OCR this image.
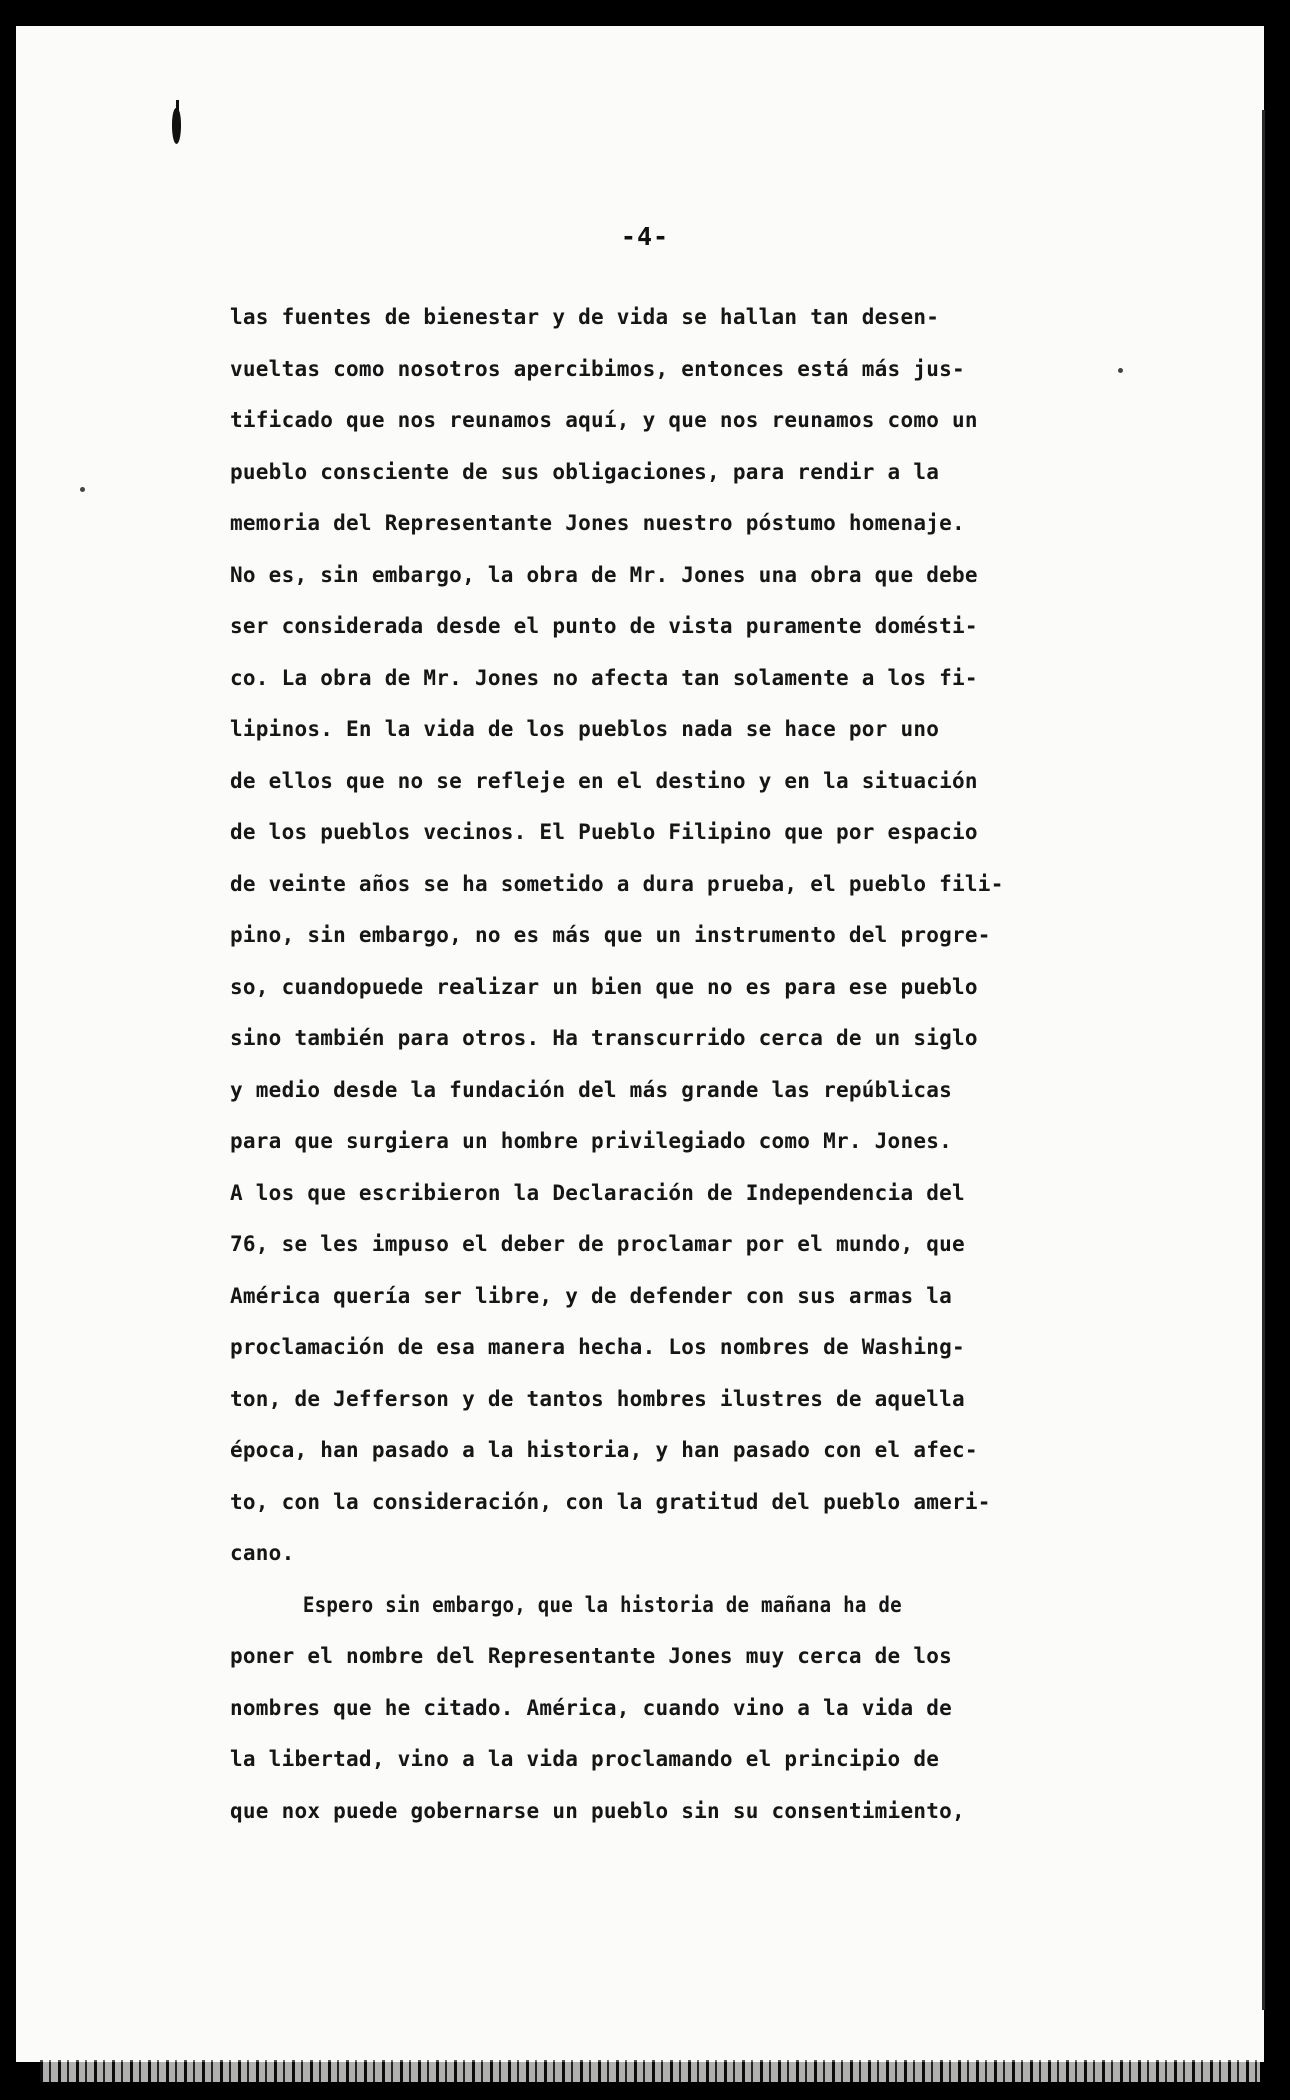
-4-
las fuentes de bienestar y de vida se hallan tan desen-
vueltas como nosotros apercibimos, entonces está más jus-
tificado que nos reunamos aquí, y que nos reunamos como un
pueblo consciente de sus obligaciones, para rendir a la
memoria del Representante Jones nuestro póstumo homenaje.
No es, sin embargo, la obra de Mr. Jones una obra que debe
ser considerada desde el punto de vista puramente domésti-
co. La obra de Mr. Jones no afecta tan solamente a los fi-
lipinos. En la vida de los pueblos nada se hace por uno
de ellos que no se refleje en el destino y en la situación
de los pueblos vecinos. El Pueblo Filipino que por espacio
de veinte años se ha sometido a dura prueba, el pueblo fili-
pino, sin embargo, no es más que un instrumento del progre-
so, cuandopuede realizar un bien que no es para ese pueblo
sino también para otros. Ha transcurrido cerca de un siglo
y medio desde la fundación del más grande las repúblicas
para que surgiera un hombre privilegiado como Mr. Jones.
A los que escribieron la Declaración de Independencia del
76, se les impuso el deber de proclamar por el mundo, que
América quería ser libre, y de defender con sus armas la
proclamación de esa manera hecha. Los nombres de Washing-
ton, de Jefferson y de tantos hombres ilustres de aquella
época, han pasado a la historia, y han pasado con el afec-
to, con la consideración, con la gratitud del pueblo ameri-
cano.
Espero sin embargo, que la historia de mañana ha de
poner el nombre del Representante Jones muy cerca de los
nombres que he citado. América, cuando vino a la vida de
la libertad, vino a la vida proclamando el principio de
que nox puede gobernarse un pueblo sin su consentimiento,
